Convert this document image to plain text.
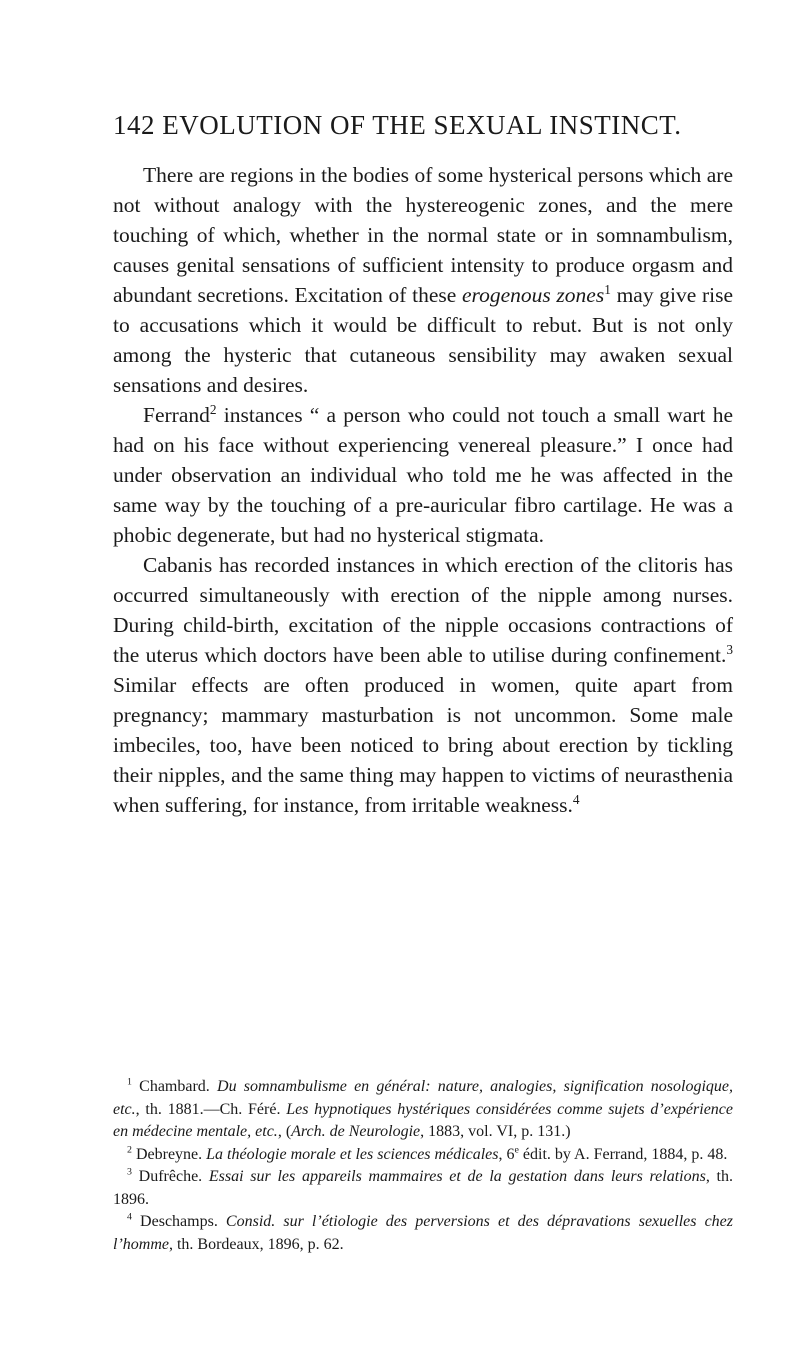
142 EVOLUTION OF THE SEXUAL INSTINCT.

There are regions in the bodies of some hysterical persons which are not without analogy with the hystereogenic zones, and the mere touching of which, whether in the normal state or in somnambulism, causes genital sensations of sufficient intensity to produce orgasm and abundant secretions. Excitation of these erogenous zones$^1$ may give rise to accusations which it would be difficult to rebut. But is not only among the hysteric that cutaneous sensibility may awaken sexual sensations and desires.

Ferrand$^2$ instances “ a person who could not touch a small wart he had on his face without experiencing venereal pleasure.” I once had under observation an individual who told me he was affected in the same way by the touching of a pre-auricular fibro cartilage. He was a phobic degenerate, but had no hysterical stigmata.

Cabanis has recorded instances in which erection of the clitoris has occurred simultaneously with erection of the nipple among nurses. During child-birth, excitation of the nipple occasions contractions of the uterus which doctors have been able to utilise during confinement.$^3$ Similar effects are often produced in women, quite apart from pregnancy; mammary masturbation is not uncommon. Some male imbeciles, too, have been noticed to bring about erection by tickling their nipples, and the same thing may happen to victims of neurasthenia when suffering, for instance, from irritable weakness.$^4$

$^1$ Chambard. Du somnambulisme en général: nature, analogies, signification nosologique, etc., th. 1881.—Ch. Féré. Les hypnotiques hystériques considérées comme sujets d’expérience en médecine mentale, etc., (Arch. de Neurologie, 1883, vol. VI, p. 131.)

$^2$ Debreyne. La théologie morale et les sciences médicales, 6e édit. by A. Ferrand, 1884, p. 48.

$^3$ Dufrêche. Essai sur les appareils mammaires et de la gestation dans leurs relations, th. 1896.

$^4$ Deschamps. Consid. sur l’étiologie des perversions et des dépravations sexuelles chez l’homme, th. Bordeaux, 1896, p. 62.
